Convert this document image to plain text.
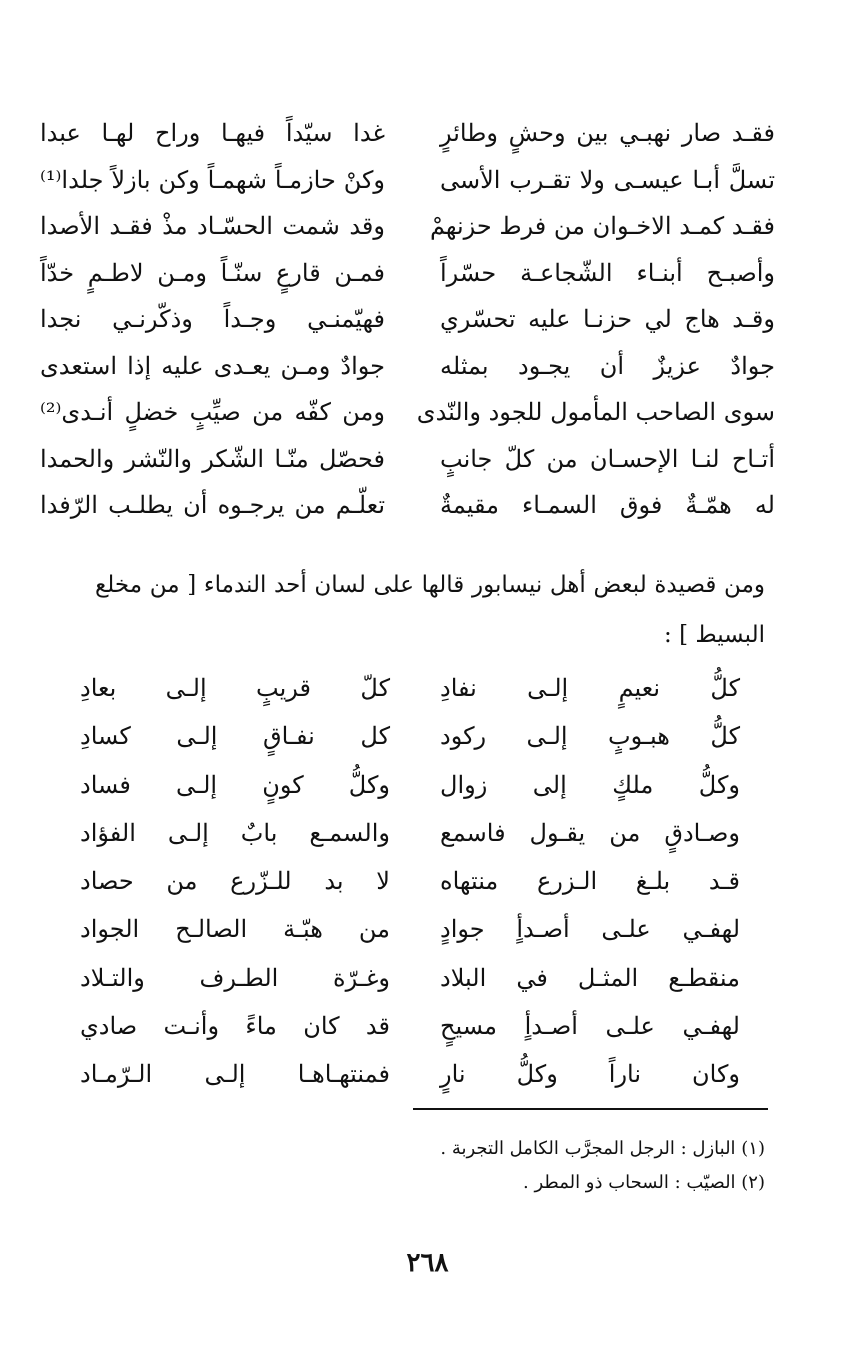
فقـد صار نهبـي بين وحشٍ وطائرٍ
غدا سيّداً فيهـا وراح لهـا عبدا
تسلَّ أبـا عيسـى ولا تقـرب الأسى
وكنْ حازمـاً شهمـاً وكن بازلاً جلدا⁽¹⁾
فقـد كمـد الاخـوان من فرط حزنهمْ
وقد شمت الحسّـاد مذْ فقـد الأصدا
وأصبـح أبنـاء الشّجاعـة حسّراً
فمـن قارعٍ سنّـاً ومـن لاطـمٍ خدّاً
وقـد هاج لي حزنـا عليه تحسّري
فهيّمنـي وجـداً وذكّرنـي نجدا
جوادٌ عزيزٌ أن يجـود بمثله
جوادٌ ومـن يعـدى عليه إذا استعدى
سوى الصاحب المأمول للجود والنّدى
ومن كفّه من صيِّبٍ خضلٍ أنـدى⁽²⁾
أتـاح لنـا الإحسـان من كلّ جانبٍ
فحصّل منّـا الشّكر والنّشر والحمدا
له همّـةٌ فوق السمـاء مقيمةٌ
تعلّـم من يرجـوه أن يطلـب الرّفدا
ومن قصيدة لبعض أهل نيسابور قالها على لسان أحد الندماء [ من مخلع البسيط ] :
كلُّ نعيمٍ إلـى نفادِ
كلّ قريبٍ إلـى بعادِ
كلُّ هبـوبٍ إلـى ركود
كل نفـاقٍ إلـى كسادِ
وكلُّ ملكٍ إلى زوال
وكلُّ كونٍ إلـى فساد
وصـادقٍ من يقـول فاسمع
والسمـع بابٌ إلـى الفؤاد
قـد بلـغ الـزرع منتهاه
لا بد للـزّرع من حصاد
لهفـي علـى أصـدأٍ جوادٍ
من هبّـة الصالـح الجواد
منقطـع المثـل في البلاد
وغـرّة الطـرف والتـلاد
لهفـي علـى أصـدأٍ مسيحٍ
قد كان ماءً وأنـت صادي
وكان ناراً وكلُّ نارٍ
فمنتهـاهـا إلـى الـرّمـاد
(١) البازل : الرجل المجرَّب الكامل التجربة .
(٢) الصيّب : السحاب ذو المطر .
٢٦٨
